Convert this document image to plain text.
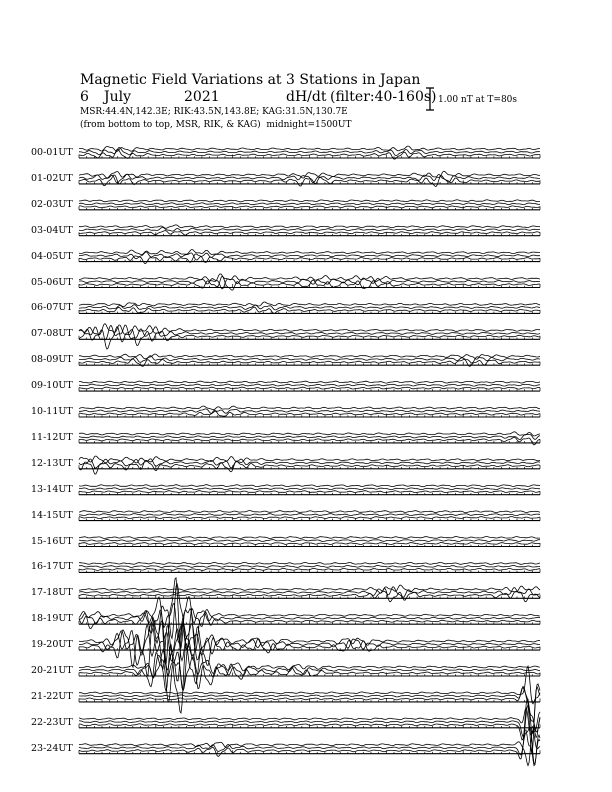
Magnetic Field Variations at 3 Stations in Japan
6 July	2021	dH/dt (filter:40-160s)
MSR:44.4N,142.3E; RIK:43.5N,143.8E; KAG:31.5N,130.7E
(from bottom to top, MSR, RIK, & KAG) midnight=1500UT
1.00 nT at T=80s
00-01UT
01-02UT
02-03UT
03-04UT
04-05UT
05-06UT
06-07UT
07-08UT
08-09UT
09-10UT
10-11UT
11-12UT
12-13UT
13-14UT
14-15UT
15-16UT
16-17UT
17-18UT
18-19UT
19-20UT
20-21UT
21-22UT
22-23UT
23-24UT
